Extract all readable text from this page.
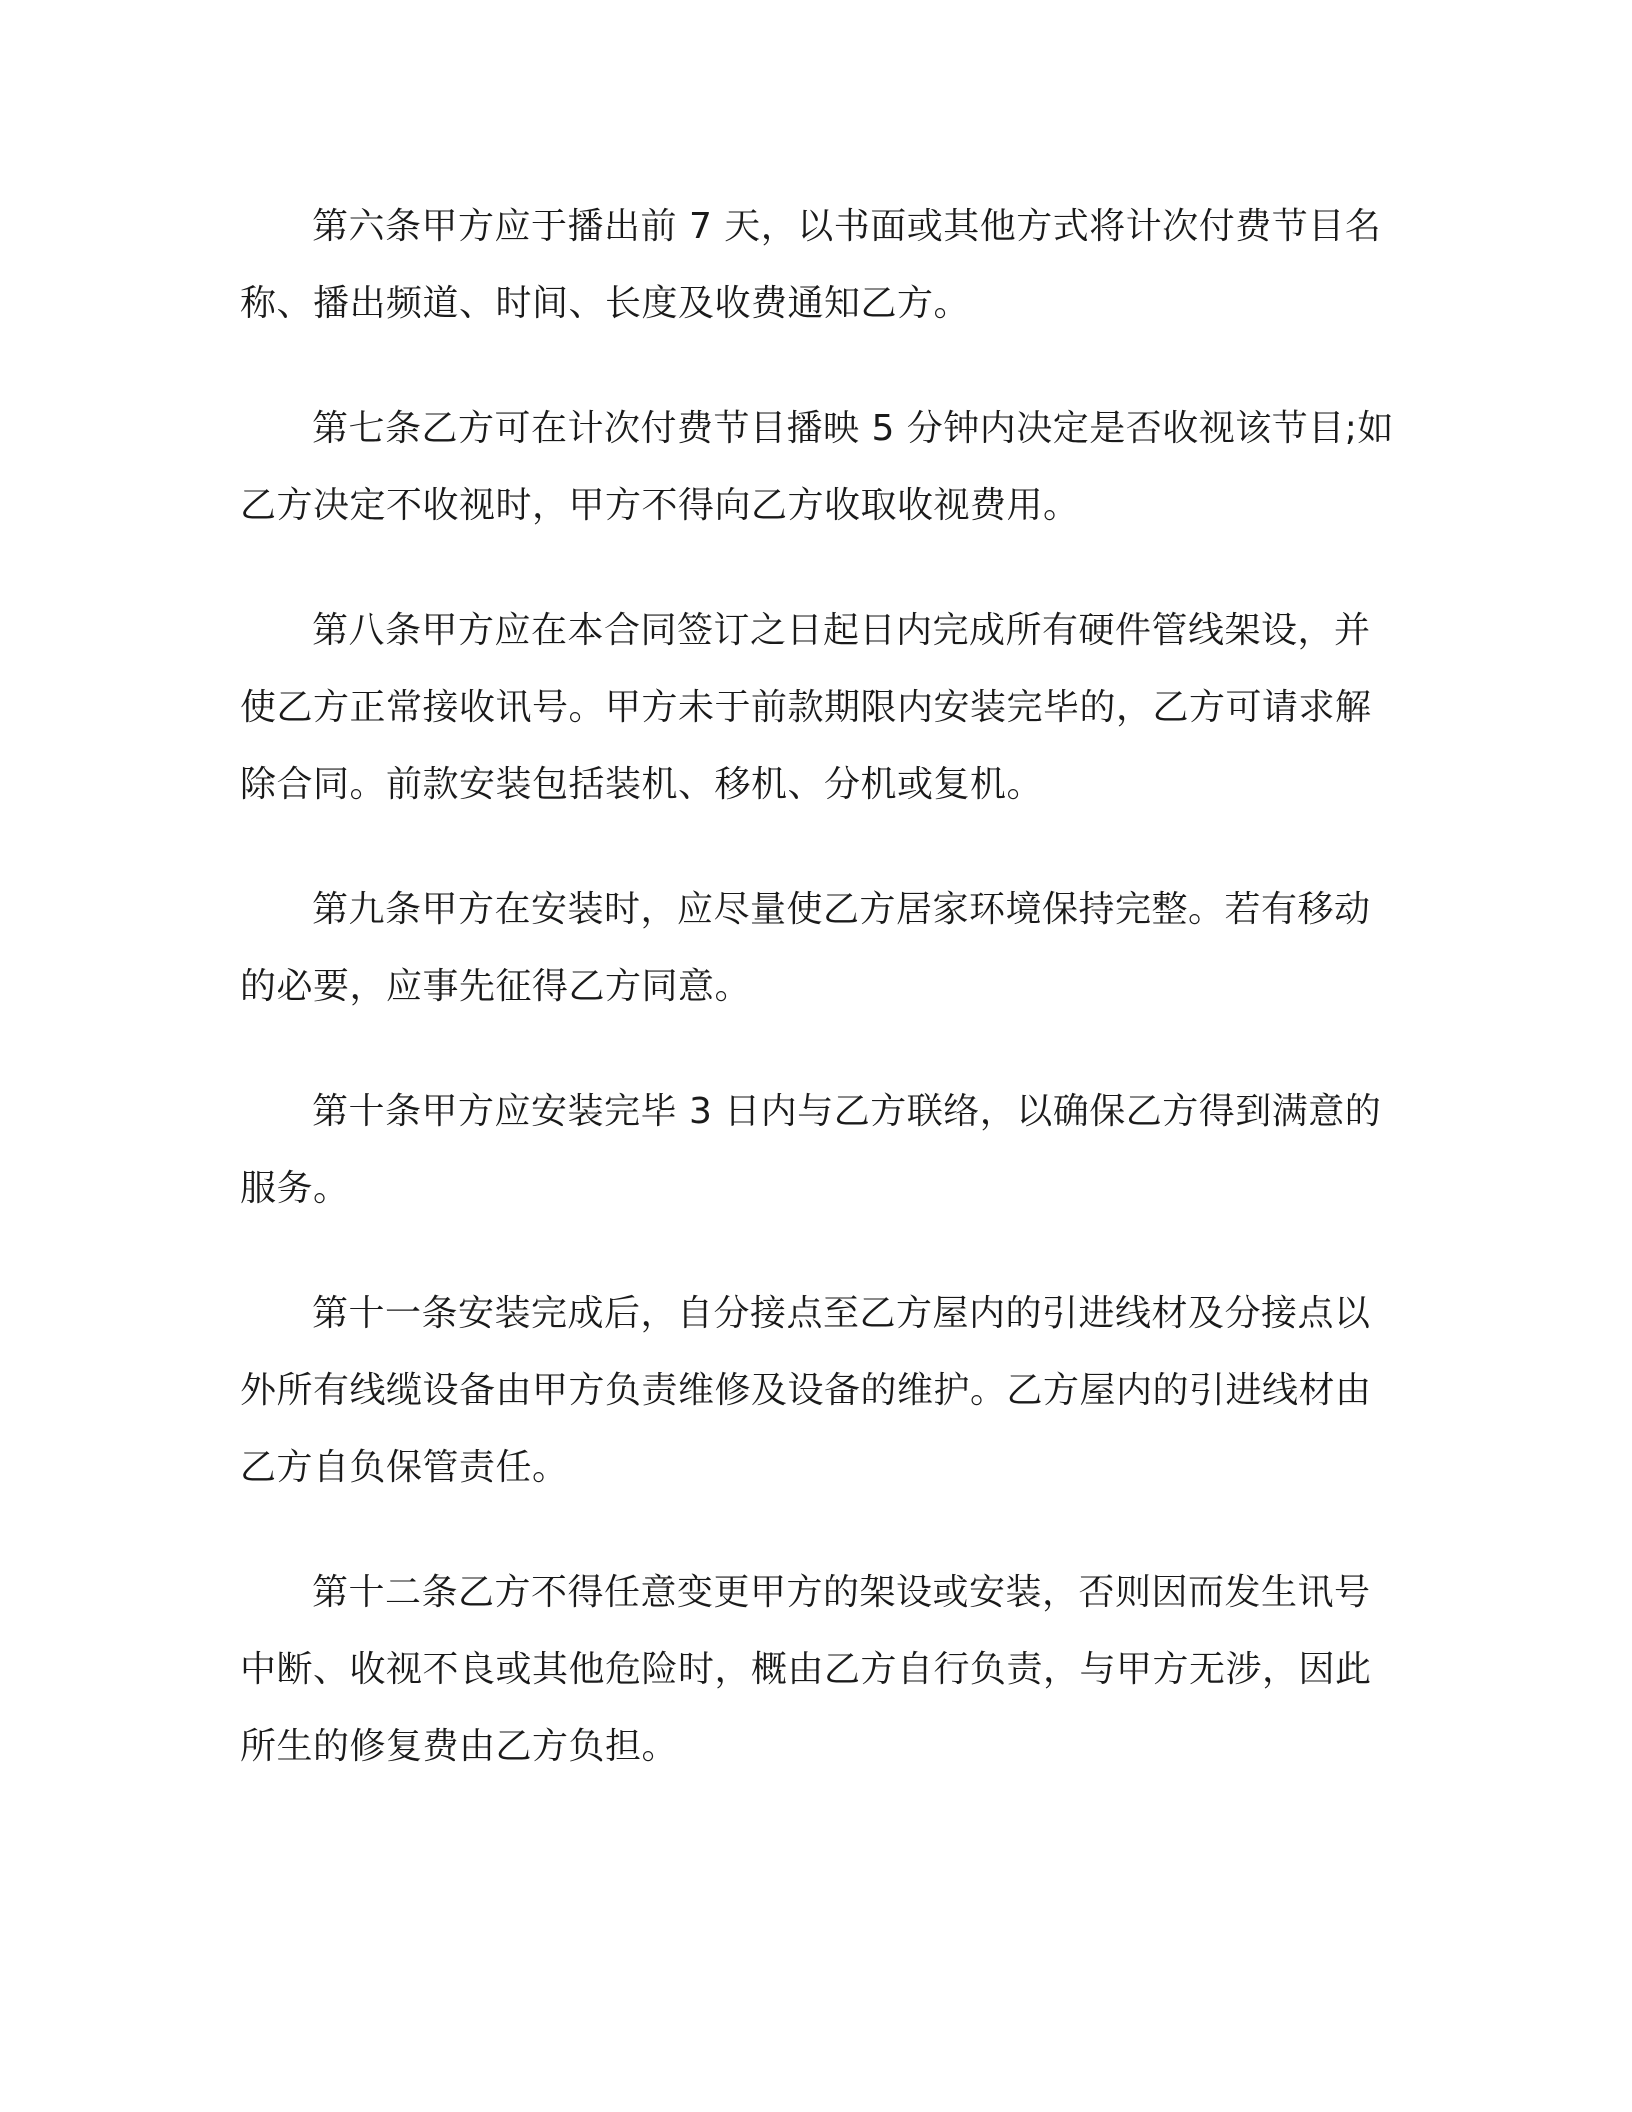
第六条甲方应于播出前 7 天，以书面或其他方式将计次付费节目名称、播出频道、时间、长度及收费通知乙方。

第七条乙方可在计次付费节目播映 5 分钟内决定是否收视该节目;如乙方决定不收视时，甲方不得向乙方收取收视费用。

第八条甲方应在本合同签订之日起日内完成所有硬件管线架设，并使乙方正常接收讯号。甲方未于前款期限内安装完毕的，乙方可请求解除合同。前款安装包括装机、移机、分机或复机。

第九条甲方在安装时，应尽量使乙方居家环境保持完整。若有移动的必要，应事先征得乙方同意。

第十条甲方应安装完毕 3 日内与乙方联络，以确保乙方得到满意的服务。

第十一条安装完成后，自分接点至乙方屋内的引进线材及分接点以外所有线缆设备由甲方负责维修及设备的维护。乙方屋内的引进线材由乙方自负保管责任。

第十二条乙方不得任意变更甲方的架设或安装，否则因而发生讯号中断、收视不良或其他危险时，概由乙方自行负责，与甲方无涉，因此所生的修复费由乙方负担。
